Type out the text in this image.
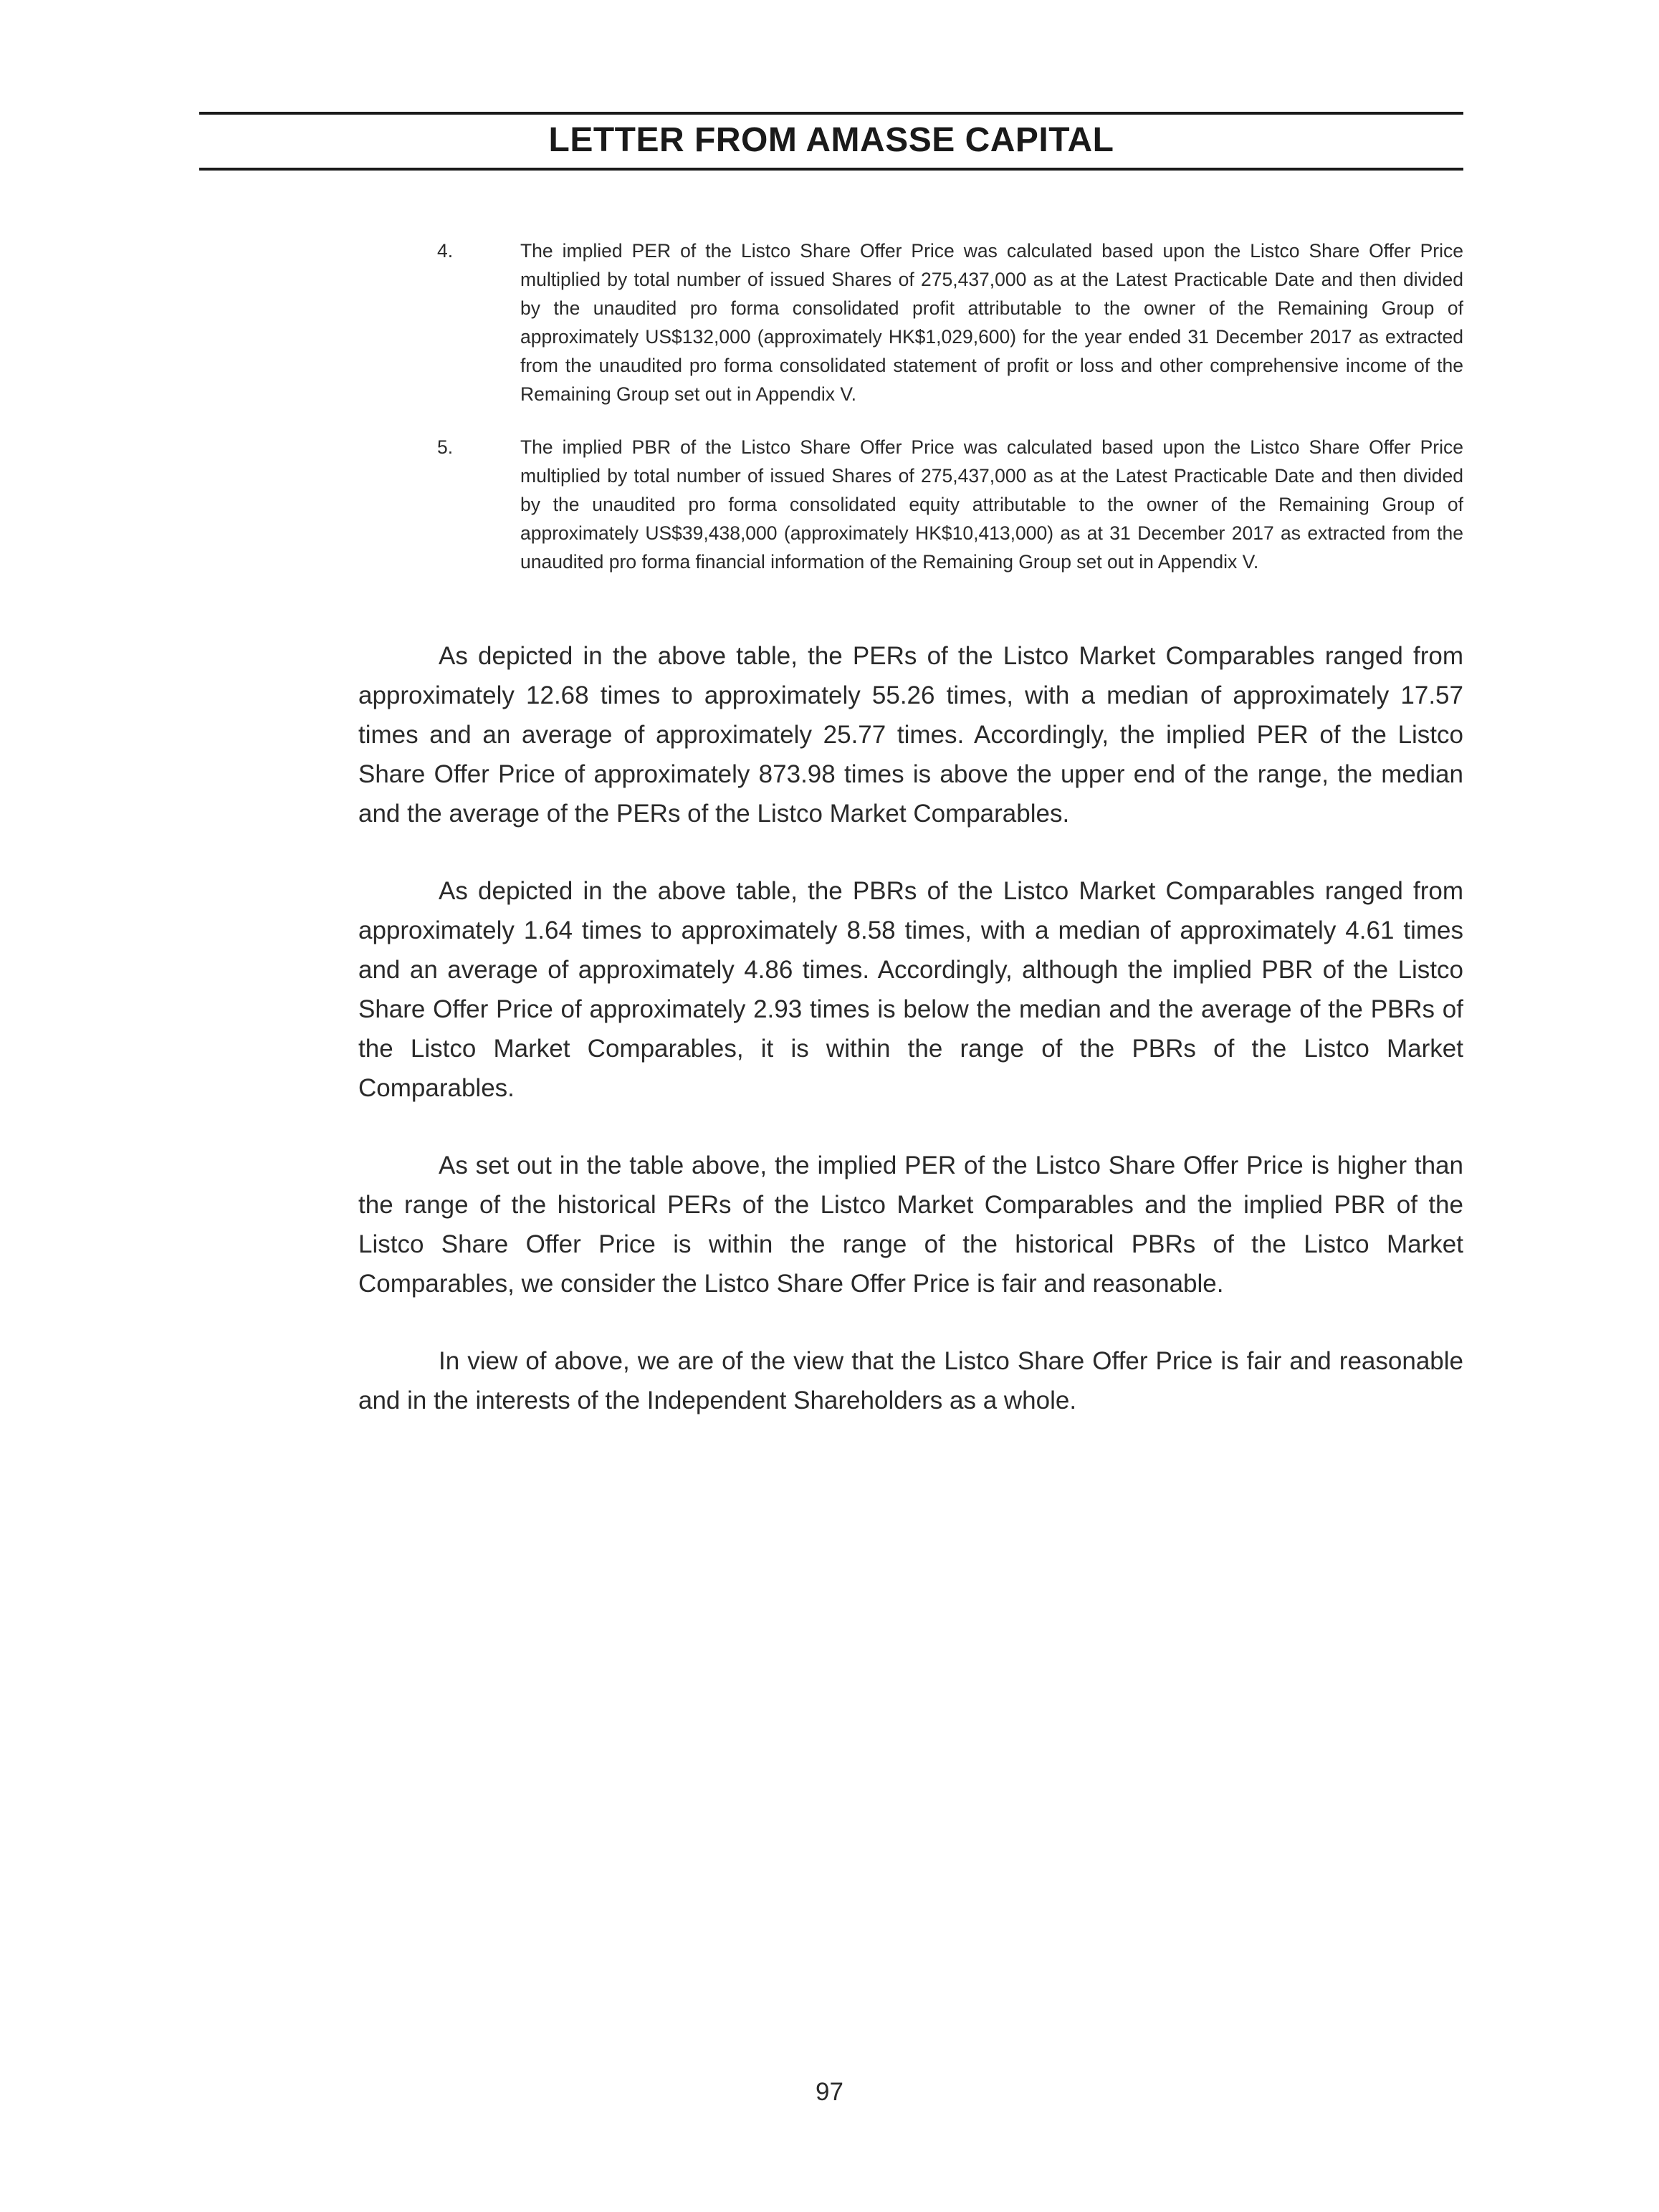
LETTER FROM AMASSE CAPITAL
4.	The implied PER of the Listco Share Offer Price was calculated based upon the Listco Share Offer Price multiplied by total number of issued Shares of 275,437,000 as at the Latest Practicable Date and then divided by the unaudited pro forma consolidated profit attributable to the owner of the Remaining Group of approximately US$132,000 (approximately HK$1,029,600) for the year ended 31 December 2017 as extracted from the unaudited pro forma consolidated statement of profit or loss and other comprehensive income of the Remaining Group set out in Appendix V.
5.	The implied PBR of the Listco Share Offer Price was calculated based upon the Listco Share Offer Price multiplied by total number of issued Shares of 275,437,000 as at the Latest Practicable Date and then divided by the unaudited pro forma consolidated equity attributable to the owner of the Remaining Group of approximately US$39,438,000 (approximately HK$10,413,000) as at 31 December 2017 as extracted from the unaudited pro forma financial information of the Remaining Group set out in Appendix V.

As depicted in the above table, the PERs of the Listco Market Comparables ranged from approximately 12.68 times to approximately 55.26 times, with a median of approximately 17.57 times and an average of approximately 25.77 times. Accordingly, the implied PER of the Listco Share Offer Price of approximately 873.98 times is above the upper end of the range, the median and the average of the PERs of the Listco Market Comparables.

As depicted in the above table, the PBRs of the Listco Market Comparables ranged from approximately 1.64 times to approximately 8.58 times, with a median of approximately 4.61 times and an average of approximately 4.86 times. Accordingly, although the implied PBR of the Listco Share Offer Price of approximately 2.93 times is below the median and the average of the PBRs of the Listco Market Comparables, it is within the range of the PBRs of the Listco Market Comparables.

As set out in the table above, the implied PER of the Listco Share Offer Price is higher than the range of the historical PERs of the Listco Market Comparables and the implied PBR of the Listco Share Offer Price is within the range of the historical PBRs of the Listco Market Comparables, we consider the Listco Share Offer Price is fair and reasonable.

In view of above, we are of the view that the Listco Share Offer Price is fair and reasonable and in the interests of the Independent Shareholders as a whole.

97
